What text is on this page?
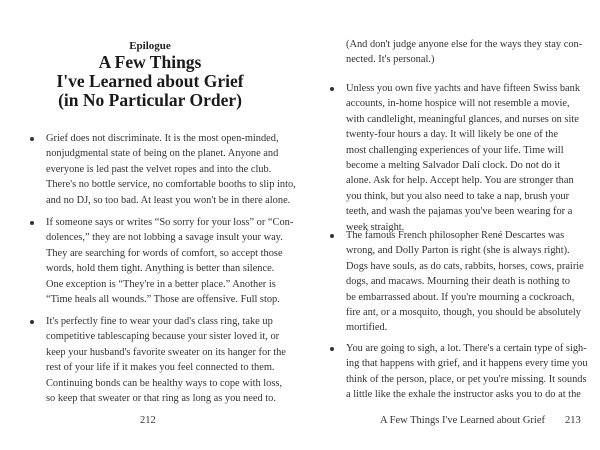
Epilogue
A Few Things
I've Learned about Grief
(in No Particular Order)
Grief does not discriminate. It is the most open-minded,
nonjudgmental state of being on the planet. Anyone and
everyone is led past the velvet ropes and into the club.
There's no bottle service, no comfortable booths to slip into,
and no DJ, so too bad. At least you won't be in there alone.
If someone says or writes “So sorry for your loss” or “Con-
dolences,” they are not lobbing a savage insult your way.
They are searching for words of comfort, so accept those
words, hold them tight. Anything is better than silence.
One exception is “They're in a better place.” Another is
“Time heals all wounds.” Those are offensive. Full stop.
It's perfectly fine to wear your dad's class ring, take up
competitive tablescaping because your sister loved it, or
keep your husband's favorite sweater on its hanger for the
rest of your life if it makes you feel connected to them.
Continuing bonds can be healthy ways to cope with loss,
so keep that sweater or that ring as long as you need to.
212
(And don't judge anyone else for the ways they stay con-
nected. It's personal.)
Unless you own five yachts and have fifteen Swiss bank
accounts, in-home hospice will not resemble a movie,
with candlelight, meaningful glances, and nurses on site
twenty-four hours a day. It will likely be one of the
most challenging experiences of your life. Time will
become a melting Salvador Dalí clock. Do not do it
alone. Ask for help. Accept help. You are stronger than
you think, but you also need to take a nap, brush your
teeth, and wash the pajamas you've been wearing for a
week straight.
The famous French philosopher René Descartes was
wrong, and Dolly Parton is right (she is always right).
Dogs have souls, as do cats, rabbits, horses, cows, prairie
dogs, and macaws. Mourning their death is nothing to
be embarrassed about. If you're mourning a cockroach,
fire ant, or a mosquito, though, you should be absolutely
mortified.
You are going to sigh, a lot. There's a certain type of sigh-
ing that happens with grief, and it happens every time you
think of the person, place, or pet you're missing. It sounds
a little like the exhale the instructor asks you to do at the
A Few Things I've Learned about Grief 213
